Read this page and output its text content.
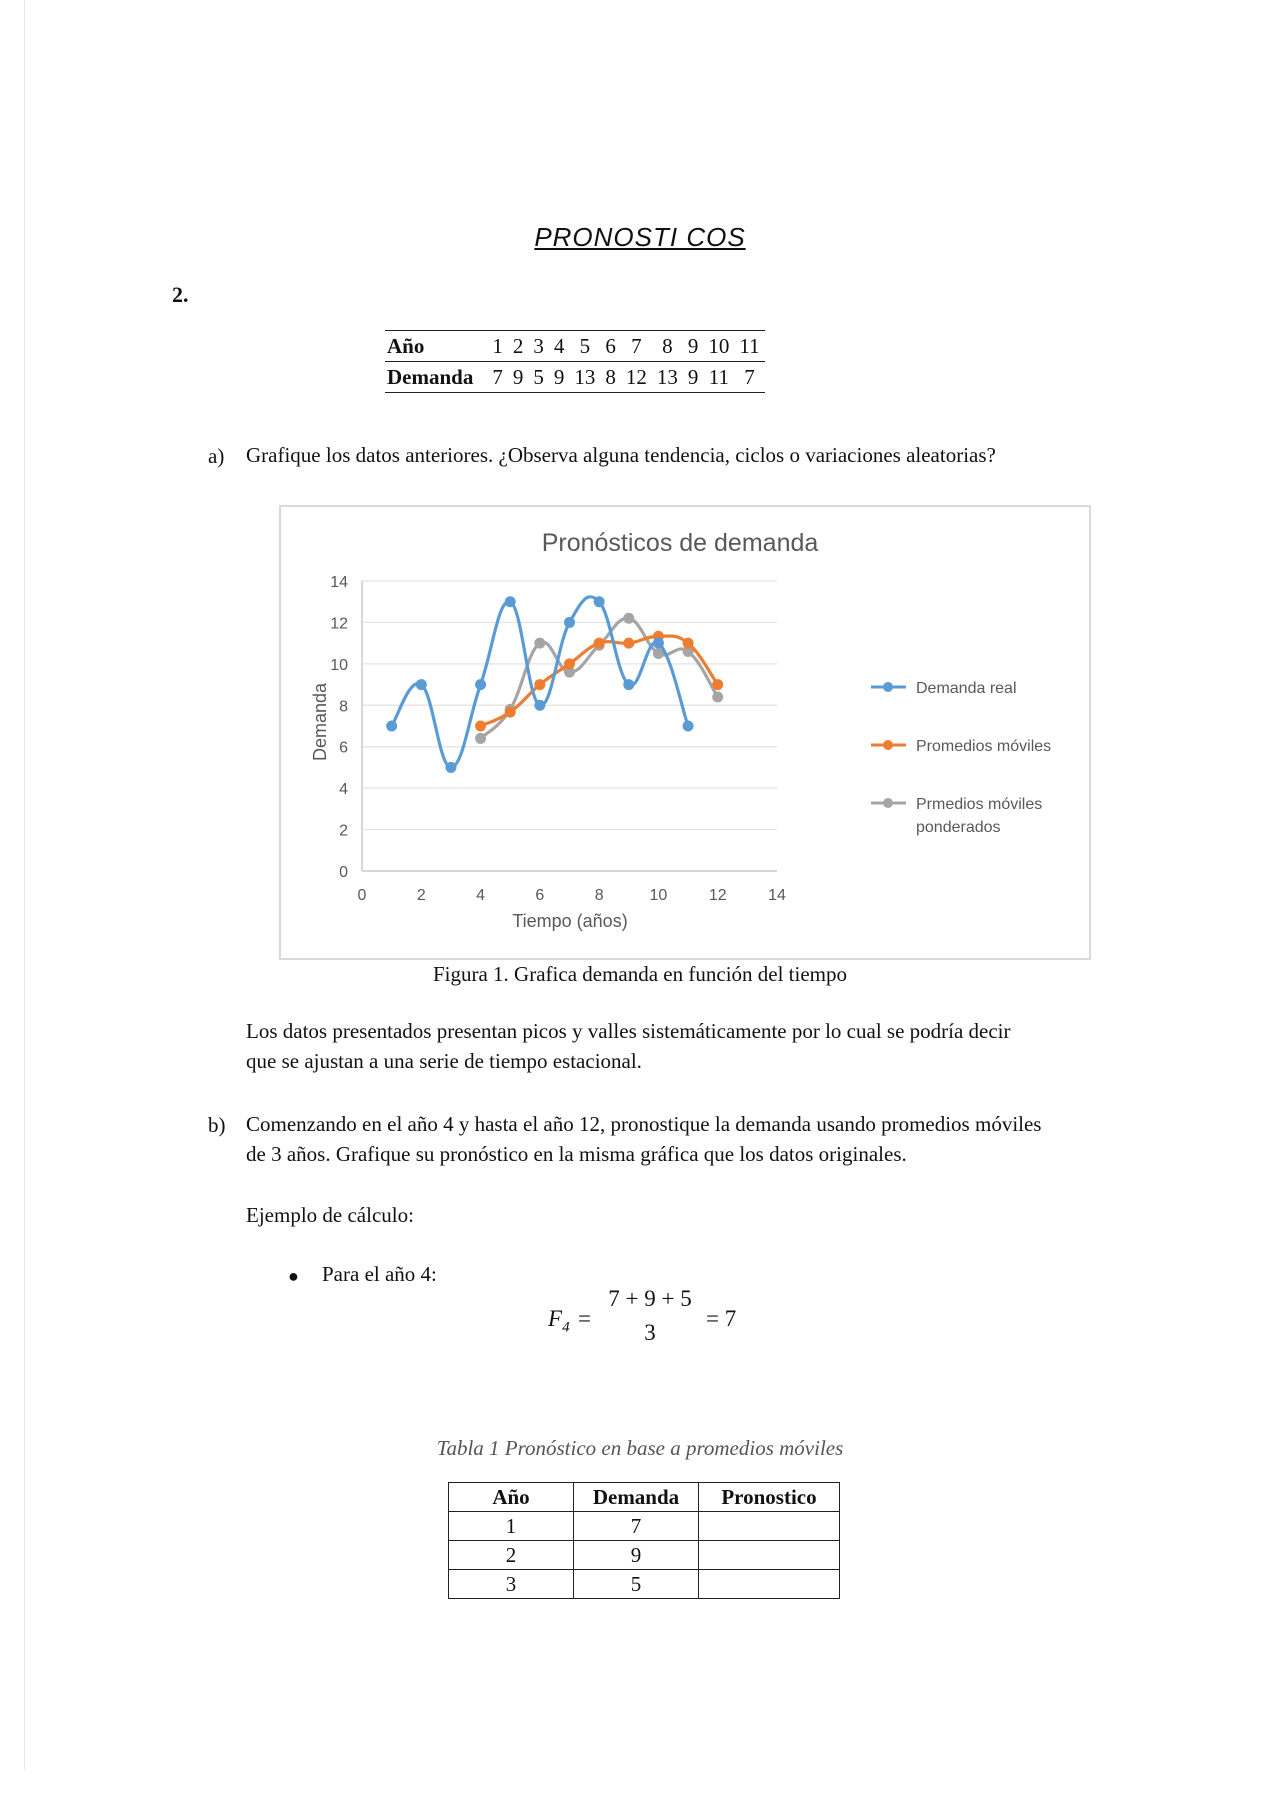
PRONOSTI COS
2.
Año	1	2	3	4	5	6	7	8	9	10	11
Demanda	7	9	5	9	13	8	12	13	9	11	7
a) Grafique los datos anteriores. ¿Observa alguna tendencia, ciclos o variaciones aleatorias?
Pronósticos de demanda
0
2
4
6
8
10
12
14
0	2	4	6	8	10	12	14
Tiempo (años)
Demanda	Demanda real
Promedios móviles
Prmedios móviles
ponderados
Figura 1. Grafica demanda en función del tiempo
Los datos presentados presentan picos y valles sistemáticamente por lo cual se podría decir
que se ajustan a una serie de tiempo estacional.
b) Comenzando en el año 4 y hasta el año 12, pronostique la demanda usando promedios móviles
de 3 años. Grafique su pronóstico en la misma gráfica que los datos originales.
Ejemplo de cálculo:
● Para el año 4:
$F_4$ =
7 + 9 + 5
3
= 7
Tabla 1 Pronóstico en base a promedios móviles
Año	Demanda	Pronostico
1	7	
2	9	
3	5	
